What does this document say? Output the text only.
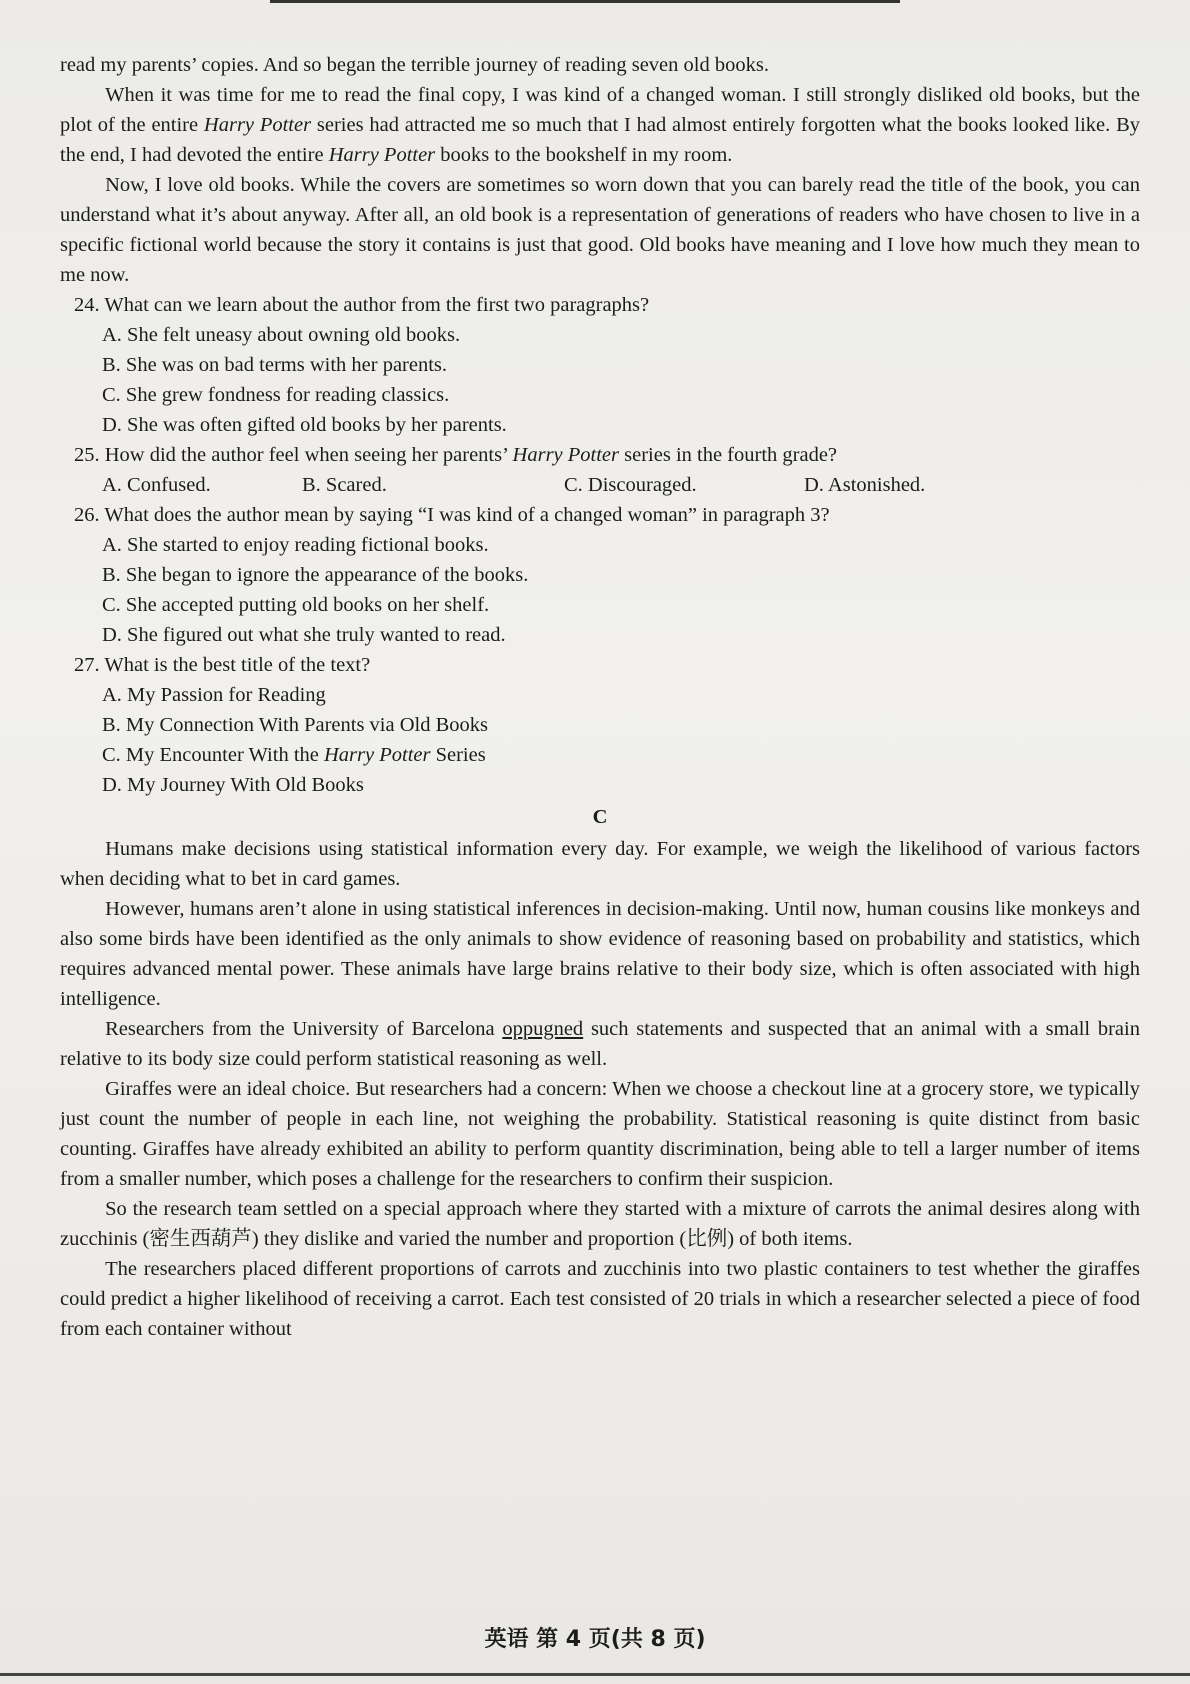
read my parents’ copies. And so began the terrible journey of reading seven old books.

When it was time for me to read the final copy, I was kind of a changed woman. I still strongly disliked old books, but the plot of the entire Harry Potter series had attracted me so much that I had almost entirely forgotten what the books looked like. By the end, I had devoted the entire Harry Potter books to the bookshelf in my room.

Now, I love old books. While the covers are sometimes so worn down that you can barely read the title of the book, you can understand what it’s about anyway. After all, an old book is a representation of generations of readers who have chosen to live in a specific fictional world because the story it contains is just that good. Old books have meaning and I love how much they mean to me now.

24. What can we learn about the author from the first two paragraphs?

A. She felt uneasy about owning old books.

B. She was on bad terms with her parents.

C. She grew fondness for reading classics.

D. She was often gifted old books by her parents.

25. How did the author feel when seeing her parents’ Harry Potter series in the fourth grade?

A. Confused.	B. Scared.	C. Discouraged.	D. Astonished.

26. What does the author mean by saying “I was kind of a changed woman” in paragraph 3?

A. She started to enjoy reading fictional books.

B. She began to ignore the appearance of the books.

C. She accepted putting old books on her shelf.

D. She figured out what she truly wanted to read.

27. What is the best title of the text?

A. My Passion for Reading

B. My Connection With Parents via Old Books

C. My Encounter With the Harry Potter Series

D. My Journey With Old Books

C

Humans make decisions using statistical information every day. For example, we weigh the likelihood of various factors when deciding what to bet in card games.

However, humans aren’t alone in using statistical inferences in decision-making. Until now, human cousins like monkeys and also some birds have been identified as the only animals to show evidence of reasoning based on probability and statistics, which requires advanced mental power. These animals have large brains relative to their body size, which is often associated with high intelligence.

Researchers from the University of Barcelona oppugned such statements and suspected that an animal with a small brain relative to its body size could perform statistical reasoning as well.

Giraffes were an ideal choice. But researchers had a concern: When we choose a checkout line at a grocery store, we typically just count the number of people in each line, not weighing the probability. Statistical reasoning is quite distinct from basic counting. Giraffes have already exhibited an ability to perform quantity discrimination, being able to tell a larger number of items from a smaller number, which poses a challenge for the researchers to confirm their suspicion.

So the research team settled on a special approach where they started with a mixture of carrots the animal desires along with zucchinis (密生西葫芦) they dislike and varied the number and proportion (比例) of both items.

The researchers placed different proportions of carrots and zucchinis into two plastic containers to test whether the giraffes could predict a higher likelihood of receiving a carrot. Each test consisted of 20 trials in which a researcher selected a piece of food from each container without

英语 第 4 页(共 8 页)
